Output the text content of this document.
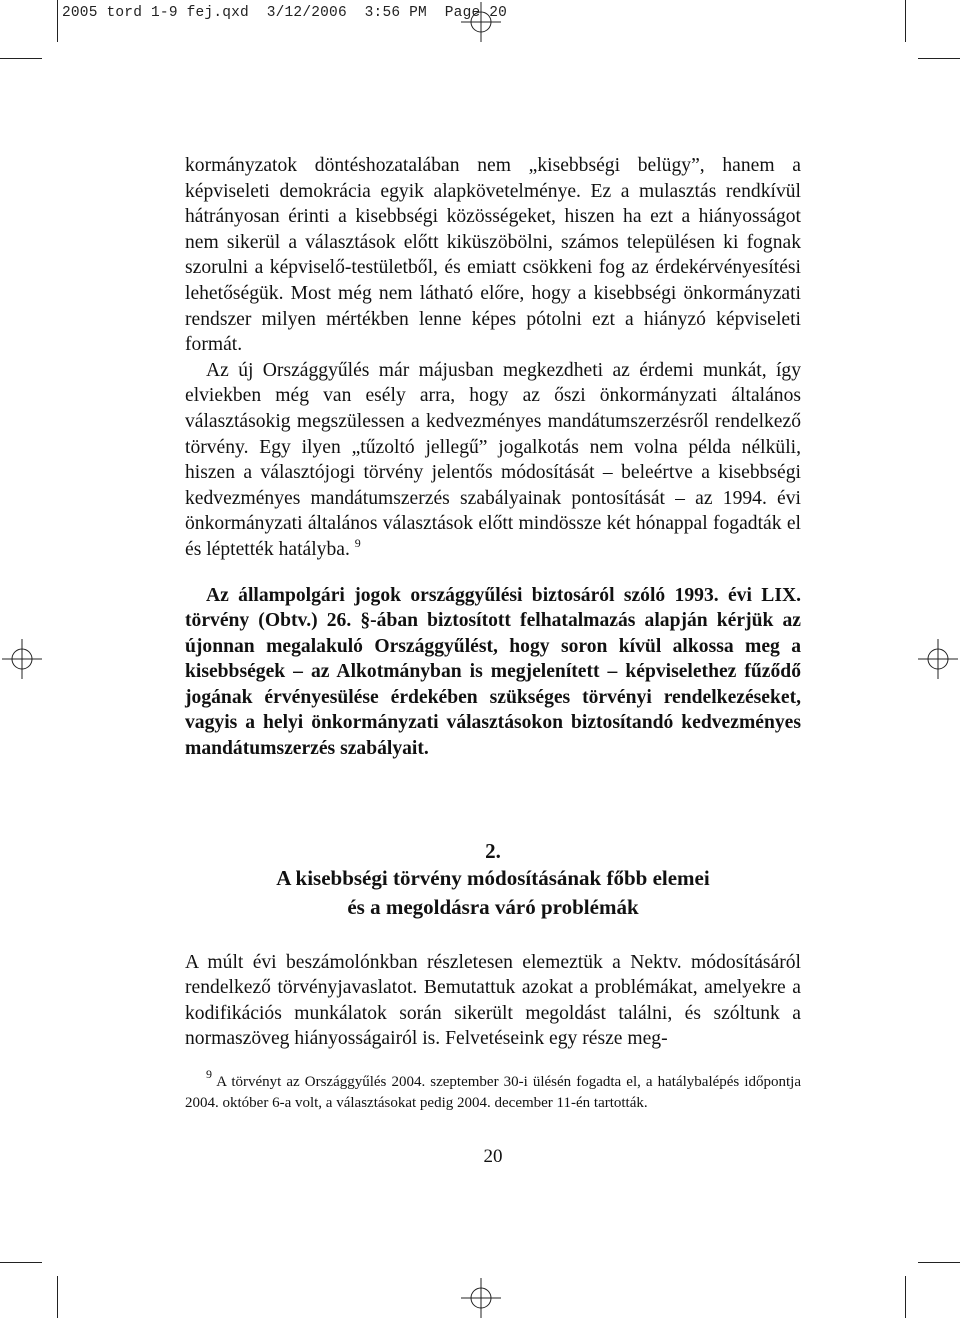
2005 tord 1-9 fej.qxd  3/12/2006  3:56 PM  Page 20

kormányzatok döntéshozatalában nem „kisebbségi belügy”, hanem a képviseleti demokrácia egyik alapkövetelménye. Ez a mulasztás rendkívül hátrányosan érinti a kisebbségi közösségeket, hiszen ha ezt a hiányosságot nem sikerül a választások előtt kiküszöbölni, számos településen ki fognak szorulni a képviselő-testületből, és emiatt csökkeni fog az érdekérvényesítési lehetőségük. Most még nem látható előre, hogy a kisebbségi önkormányzati rendszer milyen mértékben lenne képes pótolni ezt a hiányzó képviseleti formát.

Az új Országgyűlés már májusban megkezdheti az érdemi munkát, így elviekben még van esély arra, hogy az őszi önkormányzati általános választásokig megszülessen a kedvezményes mandátumszerzésről rendelkező törvény. Egy ilyen „tűzoltó jellegű” jogalkotás nem volna példa nélküli, hiszen a választójogi törvény jelentős módosítását – beleértve a kisebbségi kedvezményes mandátumszerzés szabályainak pontosítását – az 1994. évi önkormányzati általános választások előtt mindössze két hónappal fogadták el és léptették hatályba. $^9$

Az állampolgári jogok országgyűlési biztosáról szóló 1993. évi LIX. törvény (Obtv.) 26. §-ában biztosított felhatalmazás alapján kérjük az újonnan megalakuló Országgyűlést, hogy soron kívül alkossa meg a kisebbségek – az Alkotmányban is megjelenített – képviselethez fűződő jogának érvényesülése érdekében szükséges törvényi rendelkezéseket, vagyis a helyi önkormányzati választásokon biztosítandó kedvezményes mandátumszerzés szabályait.

2.

A kisebbségi törvény módosításának főbb elemei

és a megoldásra váró problémák

A múlt évi beszámolónkban részletesen elemeztük a Nektv. módosításáról rendelkező törvényjavaslatot. Bemutattuk azokat a problémákat, amelyekre a kodifikációs munkálatok során sikerült megoldást találni, és szóltunk a normaszöveg hiányosságairól is. Felvetéseink egy része meg-

$^9$ A törvényt az Országgyűlés 2004. szeptember 30-i ülésén fogadta el, a hatálybalépés időpontja 2004. október 6-a volt, a választásokat pedig 2004. december 11-én tartották.
20
